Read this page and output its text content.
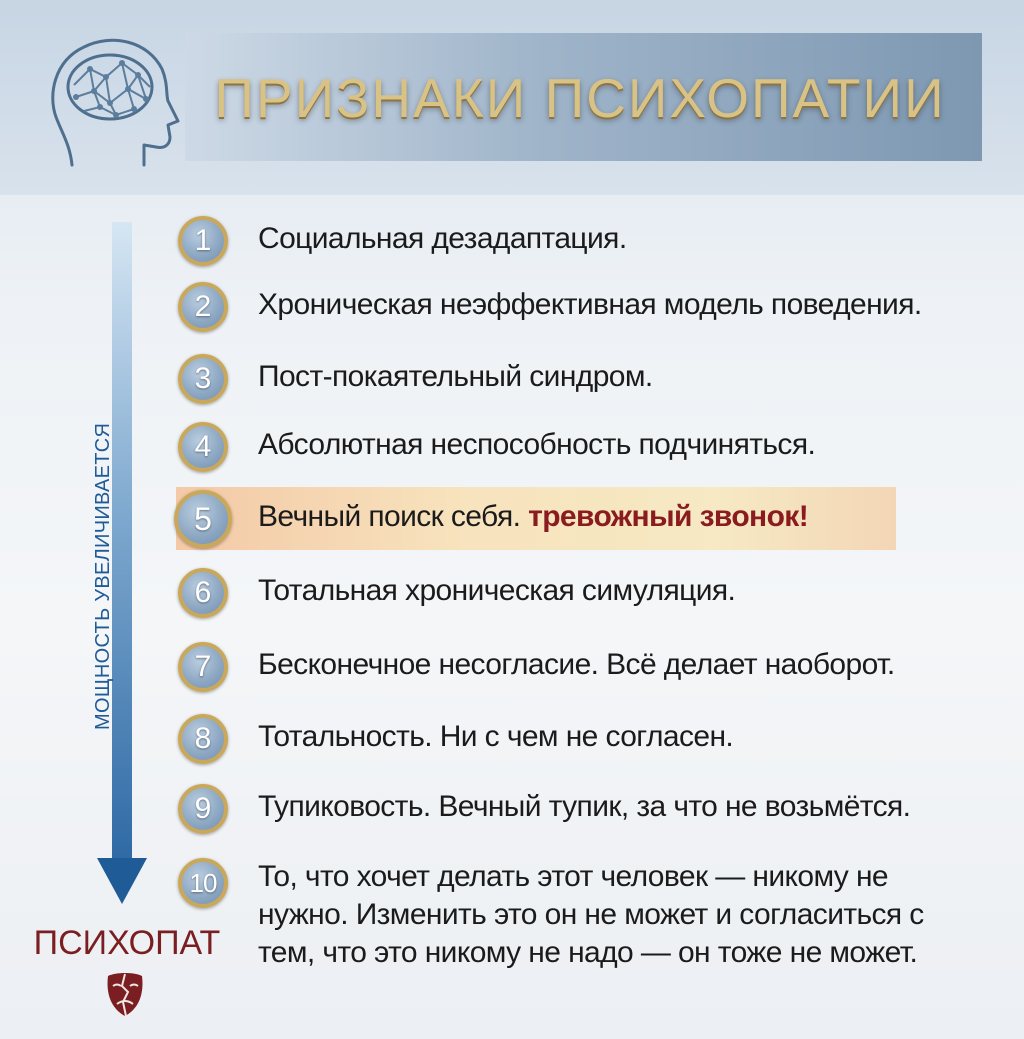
ПРИЗНАКИ ПСИХОПАТИИ
МОЩНОСТЬ УВЕЛИЧИВАЕТСЯ
ПСИХОПАТ
1	Социальная дезадаптация.
2	Хроническая неэффективная модель поведения.
3	Пост-покаятельный синдром.
4	Абсолютная неспособность подчиняться.
5	Вечный поиск себя. тревожный звонок!
6	Тотальная хроническая симуляция.
7	Бесконечное несогласие. Всё делает наоборот.
8	Тотальность. Ни с чем не согласен.
9	Тупиковость. Вечный тупик, за что не возьмётся.
10	То, что хочет делать этот человек — никому не нужно. Изменить это он не может и согласиться с тем, что это никому не надо — он тоже не может.
